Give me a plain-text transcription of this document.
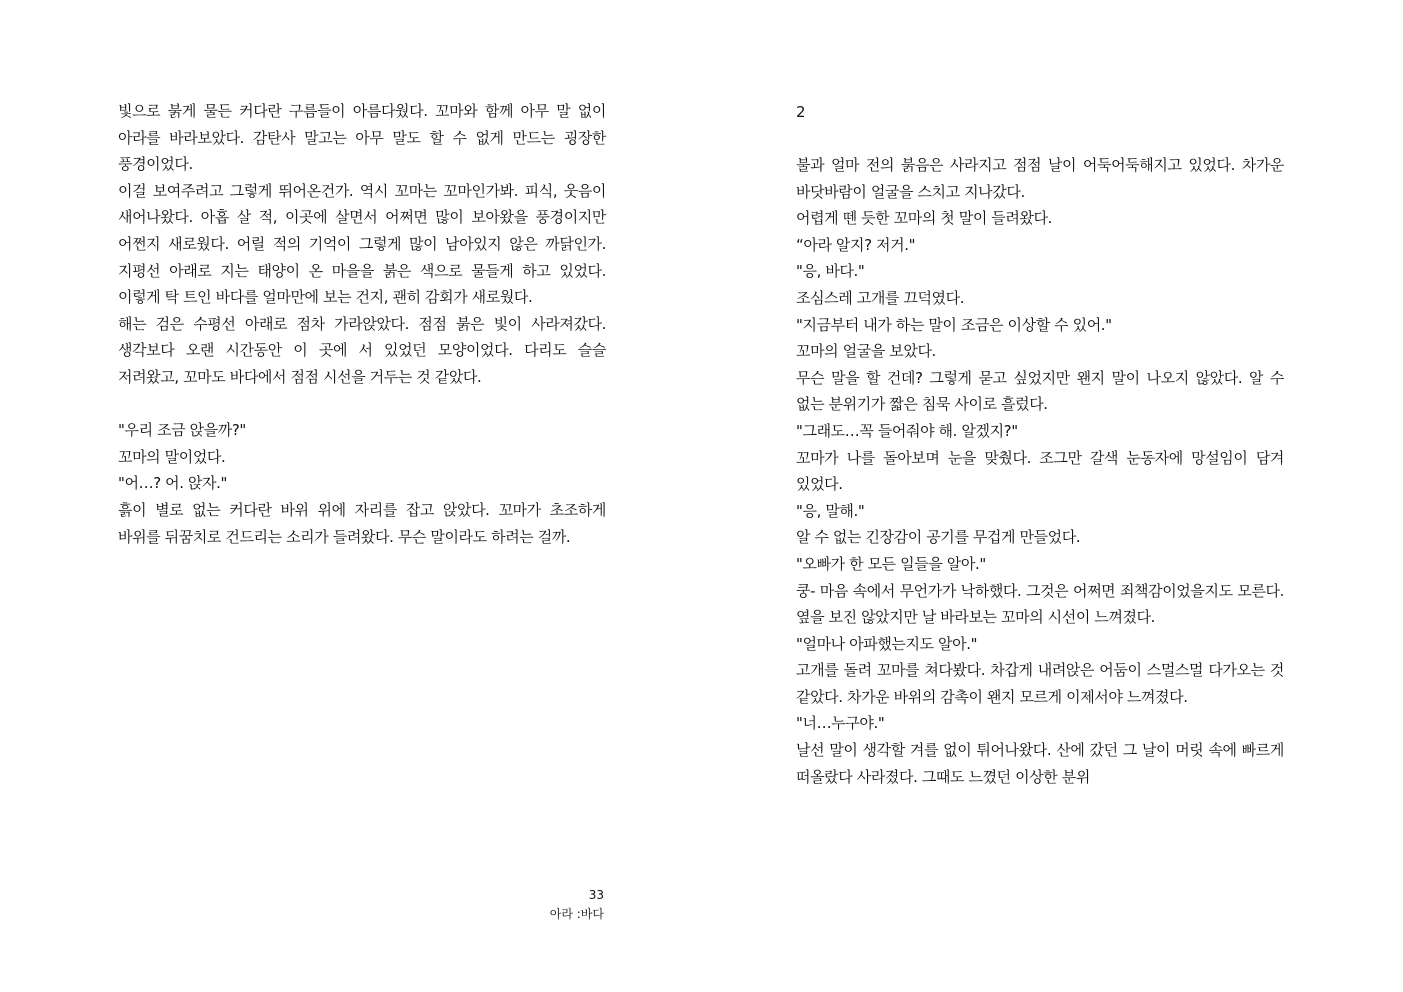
빛으로 붉게 물든 커다란 구름들이 아름다웠다. 꼬마와 함께 아무 말 없이 아라를 바라보았다. 감탄사 말고는 아무 말도 할 수 없게 만드는 굉장한 풍경이었다.

이걸 보여주려고 그렇게 뛰어온건가. 역시 꼬마는 꼬마인가봐. 피식, 웃음이 새어나왔다. 아홉 살 적, 이곳에 살면서 어쩌면 많이 보아왔을 풍경이지만 어쩐지 새로웠다. 어릴 적의 기억이 그렇게 많이 남아있지 않은 까닭인가. 지평선 아래로 지는 태양이 온 마을을 붉은 색으로 물들게 하고 있었다. 이렇게 탁 트인 바다를 얼마만에 보는 건지, 괜히 감회가 새로웠다.

해는 검은 수평선 아래로 점차 가라앉았다. 점점 붉은 빛이 사라져갔다. 생각보다 오랜 시간동안 이 곳에 서 있었던 모양이었다. 다리도 슬슬 저려왔고, 꼬마도 바다에서 점점 시선을 거두는 것 같았다.

"우리 조금 앉을까?"

꼬마의 말이었다.

"어…? 어. 앉자."

흙이 별로 없는 커다란 바위 위에 자리를 잡고 앉았다. 꼬마가 초조하게 바위를 뒤꿈치로 건드리는 소리가 들려왔다. 무슨 말이라도 하려는 걸까.

33
아라 :바다
2

불과 얼마 전의 붉음은 사라지고 점점 날이 어둑어둑해지고 있었다. 차가운 바닷바람이 얼굴을 스치고 지나갔다.

어렵게 뗀 듯한 꼬마의 첫 말이 들려왔다.

“아라 알지? 저거."

"응, 바다."

조심스레 고개를 끄덕였다.

"지금부터 내가 하는 말이 조금은 이상할 수 있어."

꼬마의 얼굴을 보았다.

무슨 말을 할 건데? 그렇게 묻고 싶었지만 왠지 말이 나오지 않았다. 알 수 없는 분위기가 짧은 침묵 사이로 흘렀다.

"그래도…꼭 들어줘야 해. 알겠지?"

꼬마가 나를 돌아보며 눈을 맞췄다. 조그만 갈색 눈동자에 망설임이 담겨 있었다.

"응, 말해."

알 수 없는 긴장감이 공기를 무겁게 만들었다.

"오빠가 한 모든 일들을 알아."

쿵- 마음 속에서 무언가가 낙하했다. 그것은 어쩌면 죄책감이었을지도 모른다. 옆을 보진 않았지만 날 바라보는 꼬마의 시선이 느껴졌다.

"얼마나 아파했는지도 알아."

고개를 돌려 꼬마를 쳐다봤다. 차갑게 내려앉은 어둠이 스멀스멀 다가오는 것 같았다. 차가운 바위의 감촉이 왠지 모르게 이제서야 느껴졌다.

"너…누구야."

날선 말이 생각할 겨를 없이 튀어나왔다. 산에 갔던 그 날이 머릿 속에 빠르게 떠올랐다 사라졌다. 그때도 느꼈던 이상한 분위
